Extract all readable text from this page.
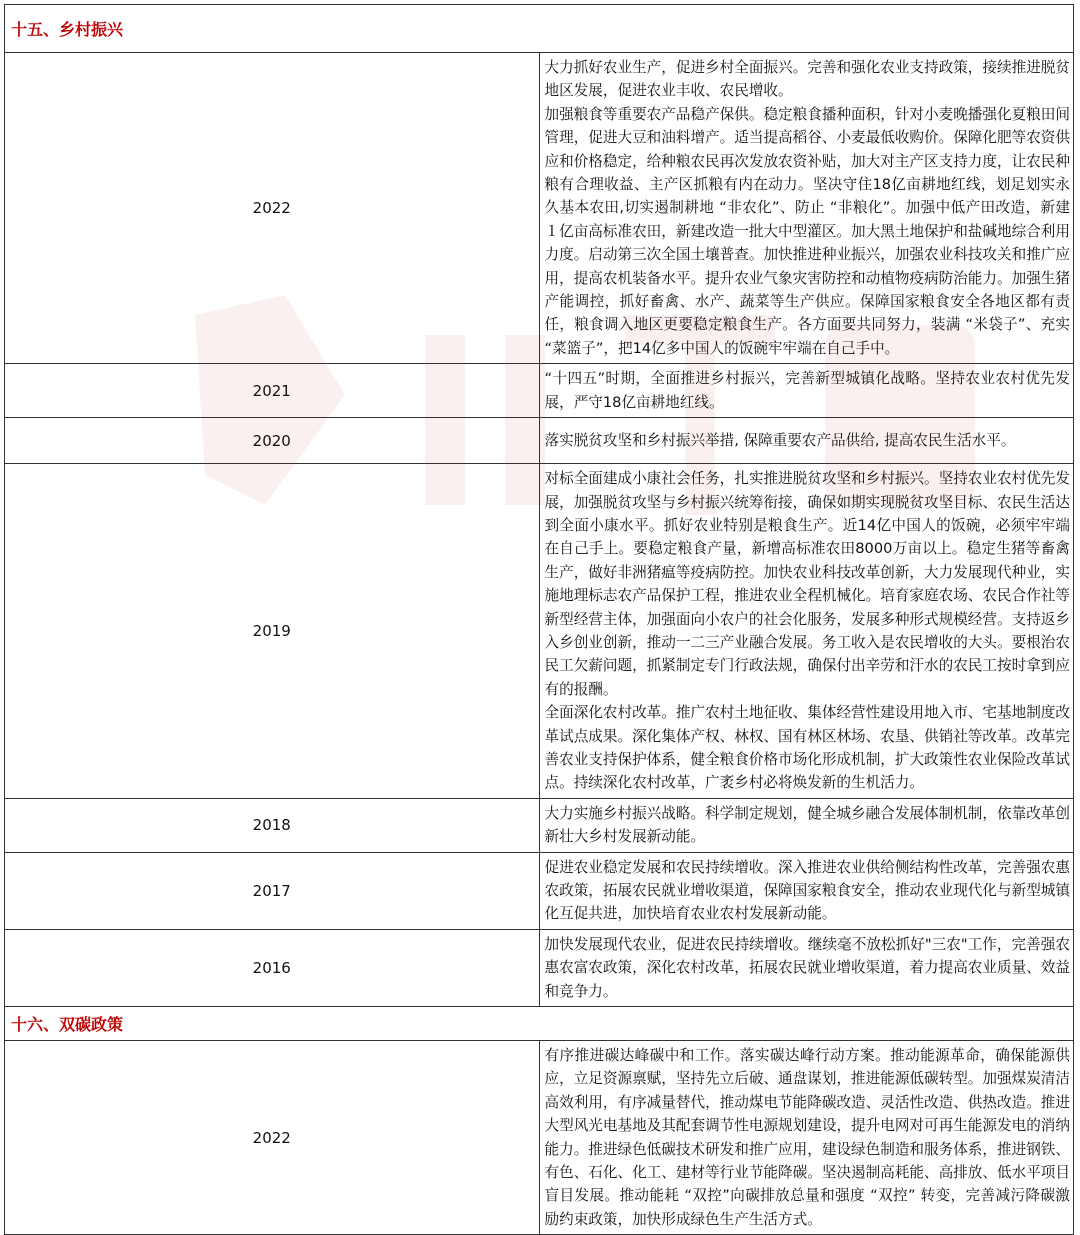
十五、乡村振兴	
2022	大力抓好农业生产，促进乡村全面振兴。完善和强化农业支持政策，接续推进脱贫地区发展，促进农业丰收、农民增收。

加强粮食等重要农产品稳产保供。稳定粮食播种面积，针对小麦晚播强化夏粮田间管理，促进大豆和油料增产。适当提高稻谷、小麦最低收购价。保障化肥等农资供应和价格稳定，给种粮农民再次发放农资补贴，加大对主产区支持力度，让农民种粮有合理收益、主产区抓粮有内在动力。坚决守住18亿亩耕地红线，划足划实永久基本农田,切实遏制耕地 “非农化”、防止 “非粮化”。加强中低产田改造，新建１亿亩高标准农田，新建改造一批大中型灌区。加大黑土地保护和盐碱地综合利用力度。启动第三次全国土壤普查。加快推进种业振兴，加强农业科技攻关和推广应用，提高农机装备水平。提升农业气象灾害防控和动植物疫病防治能力。加强生猪产能调控，抓好畜禽、水产、蔬菜等生产供应。保障国家粮食安全各地区都有责任，粮食调入地区更要稳定粮食生产。各方面要共同努力，装满 “米袋子”、充实 “菜篮子”，把14亿多中国人的饭碗牢牢端在自己手中。

2021	“十四五”时期，全面推进乡村振兴，完善新型城镇化战略。坚持农业农村优先发展，严守18亿亩耕地红线。

2020	落实脱贫攻坚和乡村振兴举措, 保障重要农产品供给, 提高农民生活水平。

2019	对标全面建成小康社会任务，扎实推进脱贫攻坚和乡村振兴。坚持农业农村优先发展，加强脱贫攻坚与乡村振兴统筹衔接，确保如期实现脱贫攻坚目标、农民生活达到全面小康水平。抓好农业特别是粮食生产。近14亿中国人的饭碗，必须牢牢端在自己手上。要稳定粮食产量，新增高标准农田8000万亩以上。稳定生猪等畜禽生产，做好非洲猪瘟等疫病防控。加快农业科技改革创新，大力发展现代种业，实施地理标志农产品保护工程，推进农业全程机械化。培育家庭农场、农民合作社等新型经营主体，加强面向小农户的社会化服务，发展多种形式规模经营。支持返乡入乡创业创新，推动一二三产业融合发展。务工收入是农民增收的大头。要根治农民工欠薪问题，抓紧制定专门行政法规，确保付出辛劳和汗水的农民工按时拿到应有的报酬。

全面深化农村改革。推广农村土地征收、集体经营性建设用地入市、宅基地制度改革试点成果。深化集体产权、林权、国有林区林场、农垦、供销社等改革。改革完善农业支持保护体系，健全粮食价格市场化形成机制，扩大政策性农业保险改革试点。持续深化农村改革，广袤乡村必将焕发新的生机活力。

2018	大力实施乡村振兴战略。科学制定规划，健全城乡融合发展体制机制，依靠改革创新壮大乡村发展新动能。

2017	促进农业稳定发展和农民持续增收。深入推进农业供给侧结构性改革，完善强农惠农政策，拓展农民就业增收渠道，保障国家粮食安全，推动农业现代化与新型城镇化互促共进，加快培育农业农村发展新动能。

2016	加快发展现代农业，促进农民持续增收。继续毫不放松抓好"三农"工作，完善强农惠农富农政策，深化农村改革，拓展农民就业增收渠道，着力提高农业质量、效益和竞争力。

十六、双碳政策	
2022	有序推进碳达峰碳中和工作。落实碳达峰行动方案。推动能源革命，确保能源供应，立足资源禀赋，坚持先立后破、通盘谋划，推进能源低碳转型。加强煤炭清洁高效利用，有序减量替代，推动煤电节能降碳改造、灵活性改造、供热改造。推进大型风光电基地及其配套调节性电源规划建设，提升电网对可再生能源发电的消纳能力。推进绿色低碳技术研发和推广应用，建设绿色制造和服务体系，推进钢铁、有色、石化、化工、建材等行业节能降碳。坚决遏制高耗能、高排放、低水平项目盲目发展。推动能耗 “双控”向碳排放总量和强度 “双控” 转变，完善减污降碳激励约束政策，加快形成绿色生产生活方式。
